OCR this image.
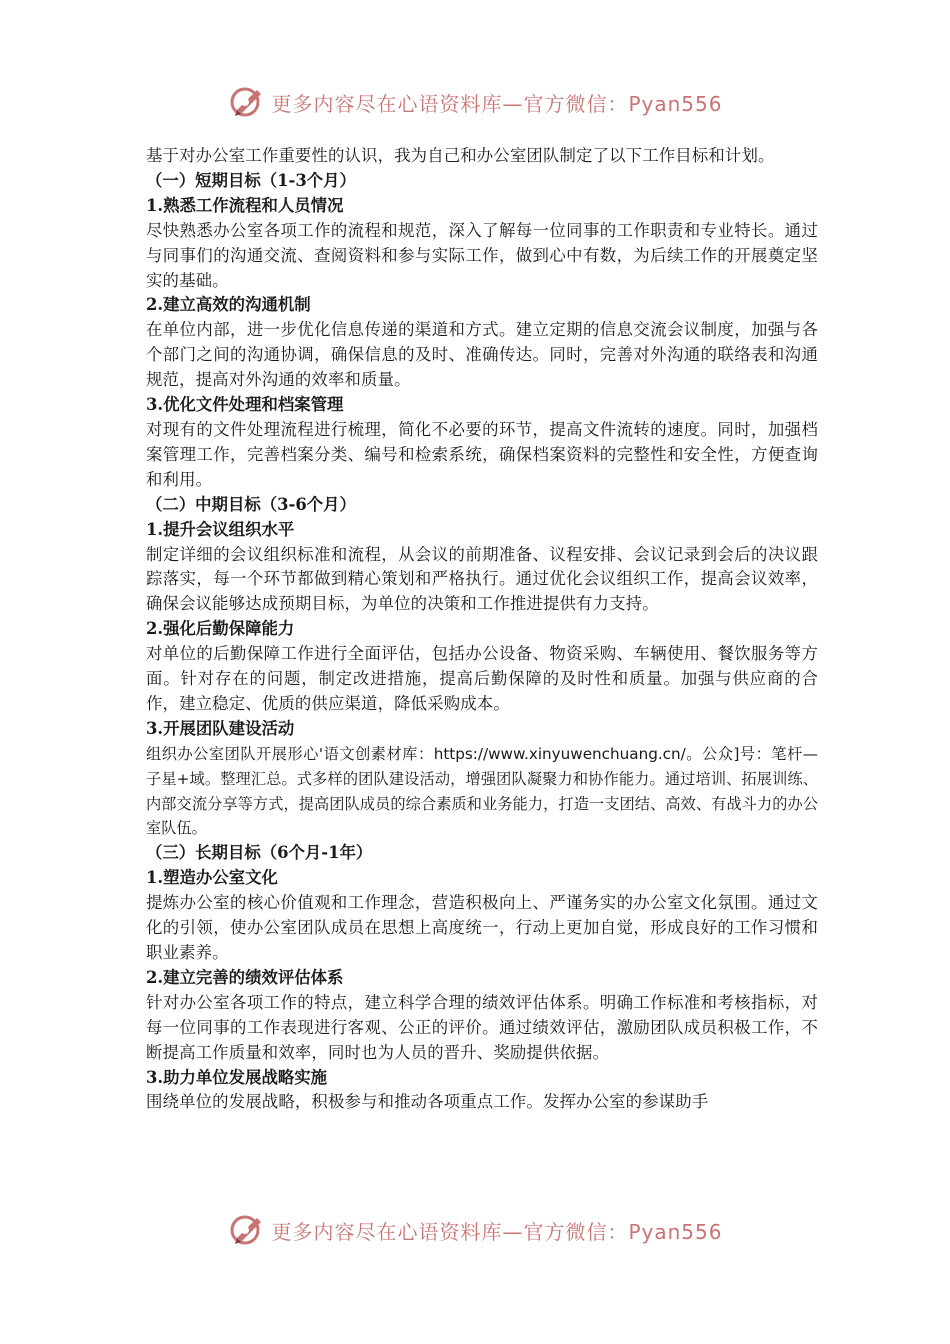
更多内容尽在心语资料库—官方微信：Pyan556
基于对办公室工作重要性的认识，我为自己和办公室团队制定了以下工作目标和计划。
（一）短期目标（1-3个月）
1.熟悉工作流程和人员情况
尽快熟悉办公室各项工作的流程和规范，深入了解每一位同事的工作职责和专业特长。通过与同事们的沟通交流、查阅资料和参与实际工作，做到心中有数，为后续工作的开展奠定坚实的基础。
2.建立高效的沟通机制
在单位内部，进一步优化信息传递的渠道和方式。建立定期的信息交流会议制度，加强与各个部门之间的沟通协调，确保信息的及时、准确传达。同时，完善对外沟通的联络表和沟通规范，提高对外沟通的效率和质量。
3.优化文件处理和档案管理
对现有的文件处理流程进行梳理，简化不必要的环节，提高文件流转的速度。同时，加强档案管理工作，完善档案分类、编号和检索系统，确保档案资料的完整性和安全性，方便查询和利用。
（二）中期目标（3-6个月）
1.提升会议组织水平
制定详细的会议组织标准和流程，从会议的前期准备、议程安排、会议记录到会后的决议跟踪落实，每一个环节都做到精心策划和严格执行。通过优化会议组织工作，提高会议效率，确保会议能够达成预期目标，为单位的决策和工作推进提供有力支持。
2.强化后勤保障能力
对单位的后勤保障工作进行全面评估，包括办公设备、物资采购、车辆使用、餐饮服务等方面。针对存在的问题，制定改进措施，提高后勤保障的及时性和质量。加强与供应商的合作，建立稳定、优质的供应渠道，降低采购成本。
3.开展团队建设活动
组织办公室团队开展形心'语文创素材库：https://www.xinyuwenchuang.cn/。公众]号：笔杆—子星+域。整理汇总。式多样的团队建设活动，增强团队凝聚力和协作能力。通过培训、拓展训练、内部交流分享等方式，提高团队成员的综合素质和业务能力，打造一支团结、高效、有战斗力的办公室队伍。
（三）长期目标（6个月-1年）
1.塑造办公室文化
提炼办公室的核心价值观和工作理念，营造积极向上、严谨务实的办公室文化氛围。通过文化的引领，使办公室团队成员在思想上高度统一，行动上更加自觉，形成良好的工作习惯和职业素养。
2.建立完善的绩效评估体系
针对办公室各项工作的特点，建立科学合理的绩效评估体系。明确工作标准和考核指标，对每一位同事的工作表现进行客观、公正的评价。通过绩效评估，激励团队成员积极工作，不断提高工作质量和效率，同时也为人员的晋升、奖励提供依据。
3.助力单位发展战略实施
围绕单位的发展战略，积极参与和推动各项重点工作。发挥办公室的参谋助手
更多内容尽在心语资料库—官方微信：Pyan556
